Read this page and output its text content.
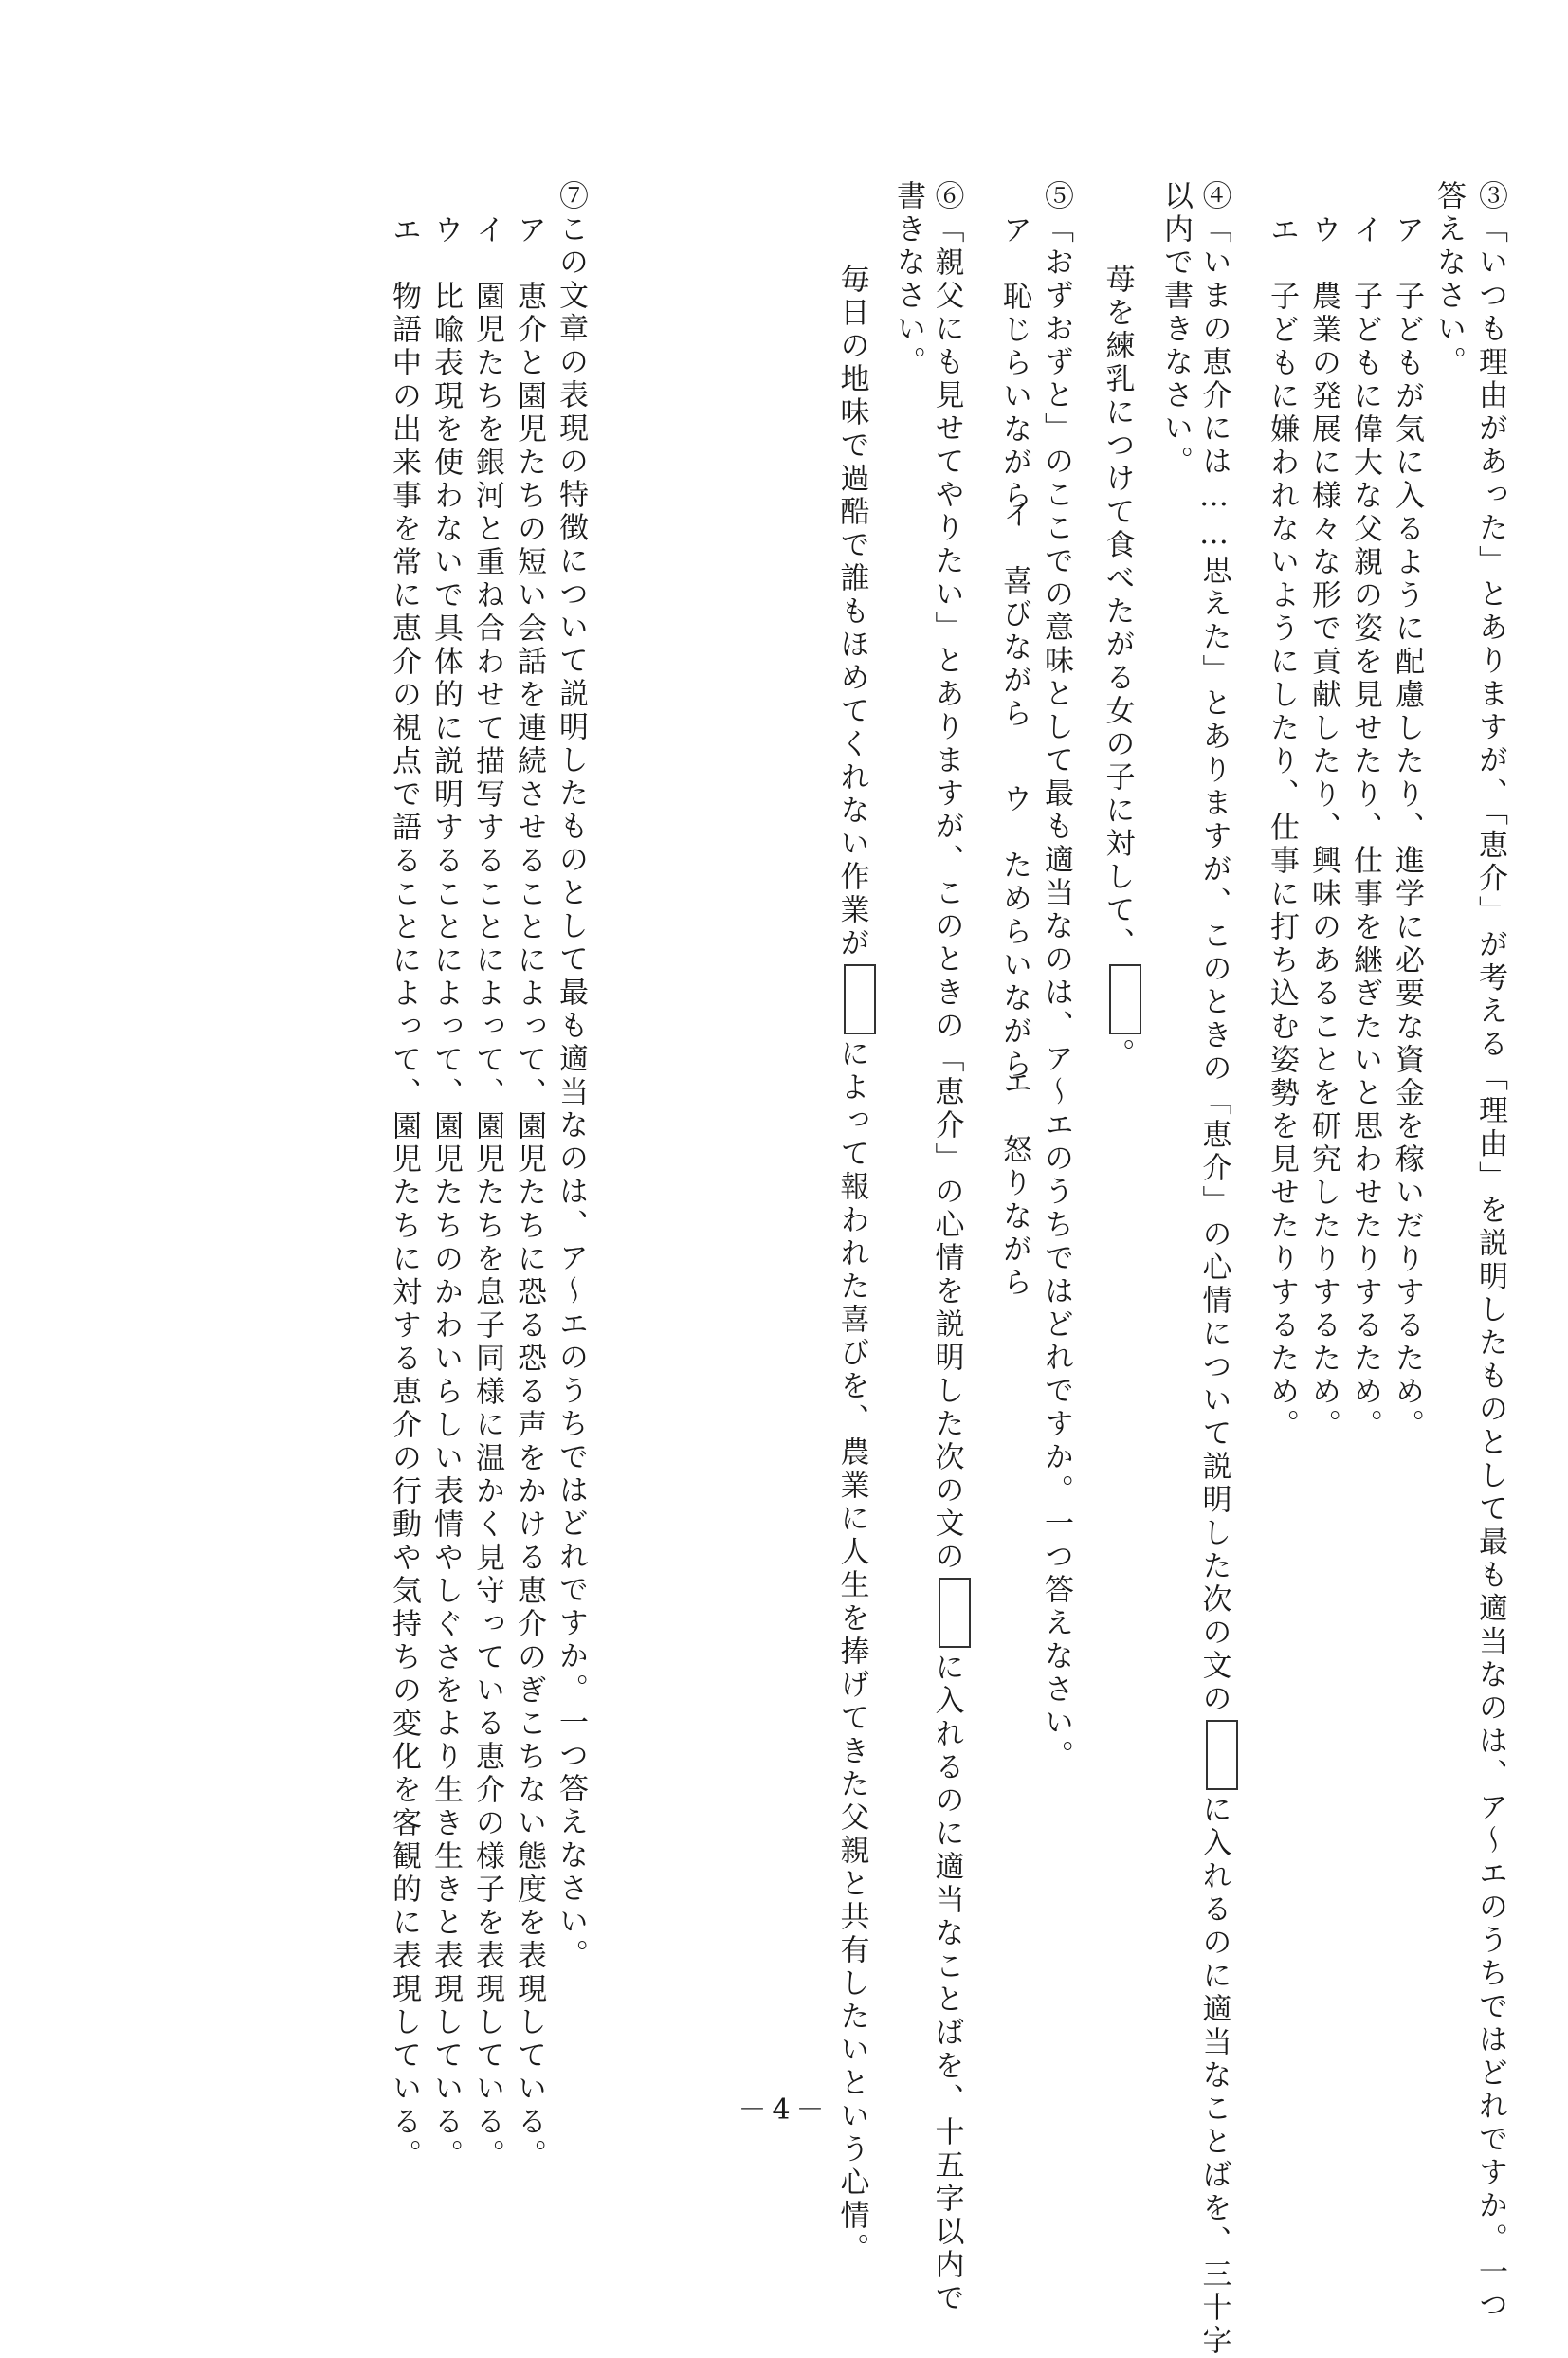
③「いつも理由があった」とありますが、「恵介」が考える「理由」を説明したものとして最も適当なのは、ア〜エのうちではどれですか。一つ
答えなさい。
ア　子どもが気に入るように配慮したり、進学に必要な資金を稼いだりするため。
イ　子どもに偉大な父親の姿を見せたり、仕事を継ぎたいと思わせたりするため。
ウ　農業の発展に様々な形で貢献したり、興味のあることを研究したりするため。
エ　子どもに嫌われないようにしたり、仕事に打ち込む姿勢を見せたりするため。
④「いまの恵介には……思えた」とありますが、このときの「恵介」の心情について説明した次の文のに入れるのに適当なことばを、三十字
以内で書きなさい。
苺を練乳につけて食べたがる女の子に対して、。
⑤「おずおずと」のここでの意味として最も適当なのは、ア〜エのうちではどれですか。一つ答えなさい。
ア　恥じらいながら
イ　喜びながら
ウ　ためらいながら
エ　怒りながら
⑥「親父にも見せてやりたい」とありますが、このときの「恵介」の心情を説明した次の文のに入れるのに適当なことばを、十五字以内で
書きなさい。
毎日の地味で過酷で誰もほめてくれない作業がによって報われた喜びを、農業に人生を捧げてきた父親と共有したいという心情。
⑦この文章の表現の特徴について説明したものとして最も適当なのは、ア〜エのうちではどれですか。一つ答えなさい。
ア　恵介と園児たちの短い会話を連続させることによって、園児たちに恐る恐る声をかける恵介のぎこちない態度を表現している。
イ　園児たちを銀河と重ね合わせて描写することによって、園児たちを息子同様に温かく見守っている恵介の様子を表現している。
ウ　比喩表現を使わないで具体的に説明することによって、園児たちのかわいらしい表情やしぐさをより生き生きと表現している。
エ　物語中の出来事を常に恵介の視点で語ることによって、園児たちに対する恵介の行動や気持ちの変化を客観的に表現している。	－4－
